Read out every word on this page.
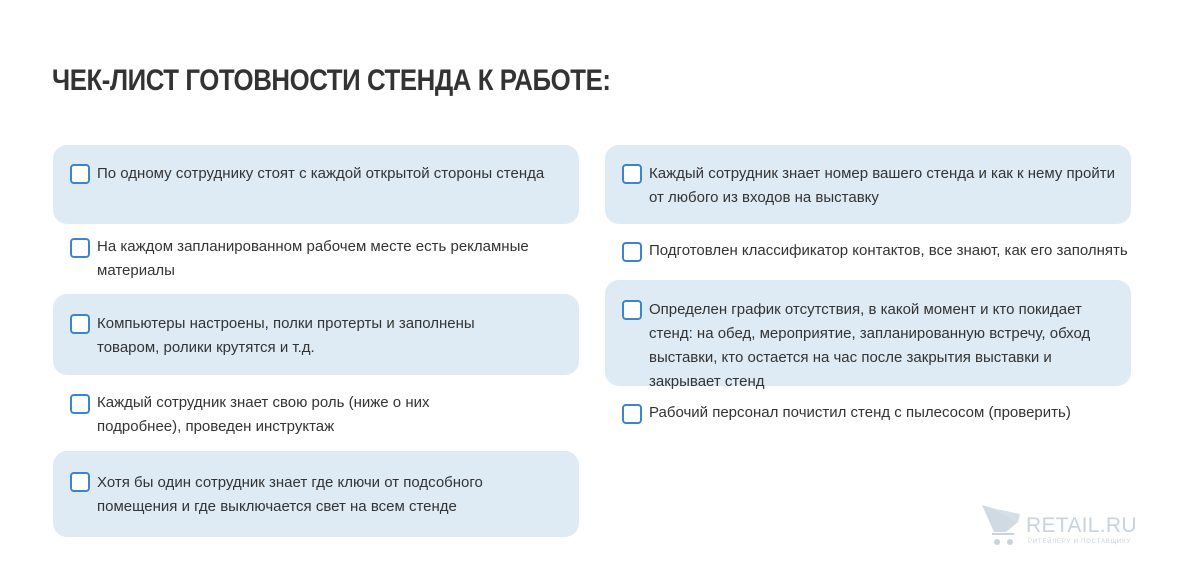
ЧЕК-ЛИСТ ГОТОВНОСТИ СТЕНДА К РАБОТЕ:
По одному сотруднику стоят с каждой открытой стороны стенда
На каждом запланированном рабочем месте есть рекламные материалы
Компьютеры настроены, полки протерты и заполнены товаром, ролики крутятся и т.д.
Каждый сотрудник знает свою роль (ниже о них подробнее), проведен инструктаж
Хотя бы один сотрудник знает где ключи от подсобного помещения и где выключается свет на всем стенде
Каждый сотрудник знает номер вашего стенда и как к нему пройти от любого из входов на выставку
Подготовлен классификатор контактов, все знают, как его заполнять
Определен график отсутствия, в какой момент и кто покидает стенд: на обед, мероприятие, запланированную встречу, обход выставки, кто остается на час после закрытия выставки и закрывает стенд
Рабочий персонал почистил стенд с пылесосом (проверить)
RETAIL.RU
РИТЕЙЛЕРУ И ПОСТАВЩИКУ
